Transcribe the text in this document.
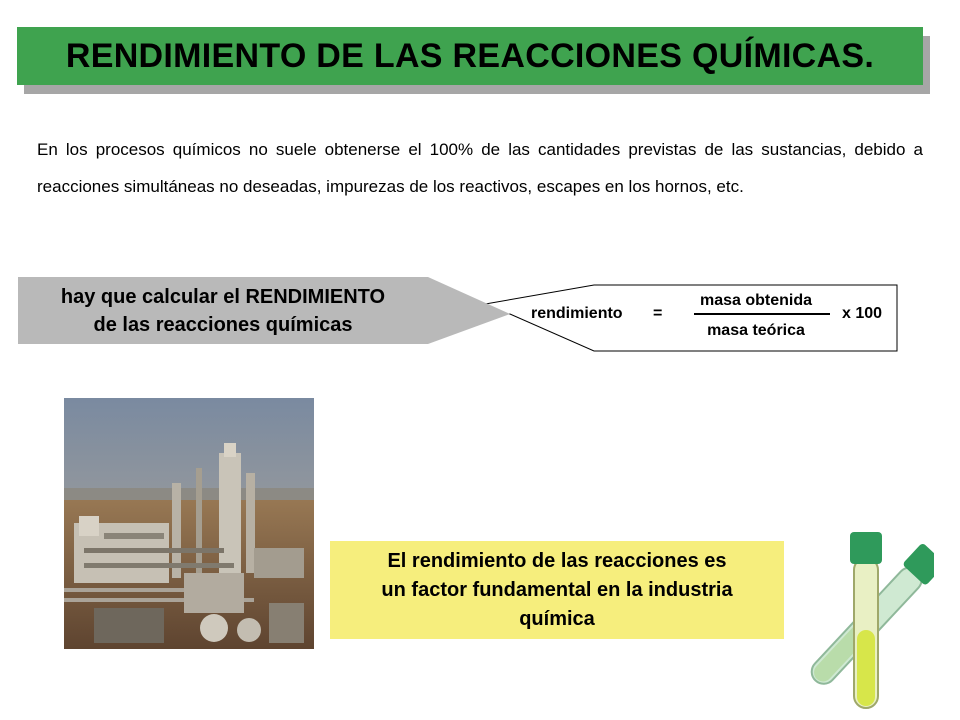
RENDIMIENTO DE LAS REACCIONES QUÍMICAS.

En los procesos químicos no suele obtenerse el 100% de las cantidades previstas de las sustancias, debido a reacciones simultáneas no deseadas, impurezas de los reactivos, escapes en los hornos, etc.

hay que calcular el RENDIMIENTO
de las reacciones químicas	rendimiento =
masa obtenida
masa teórica
x 100
El rendimiento de las reacciones es
un factor fundamental en la industria
química
